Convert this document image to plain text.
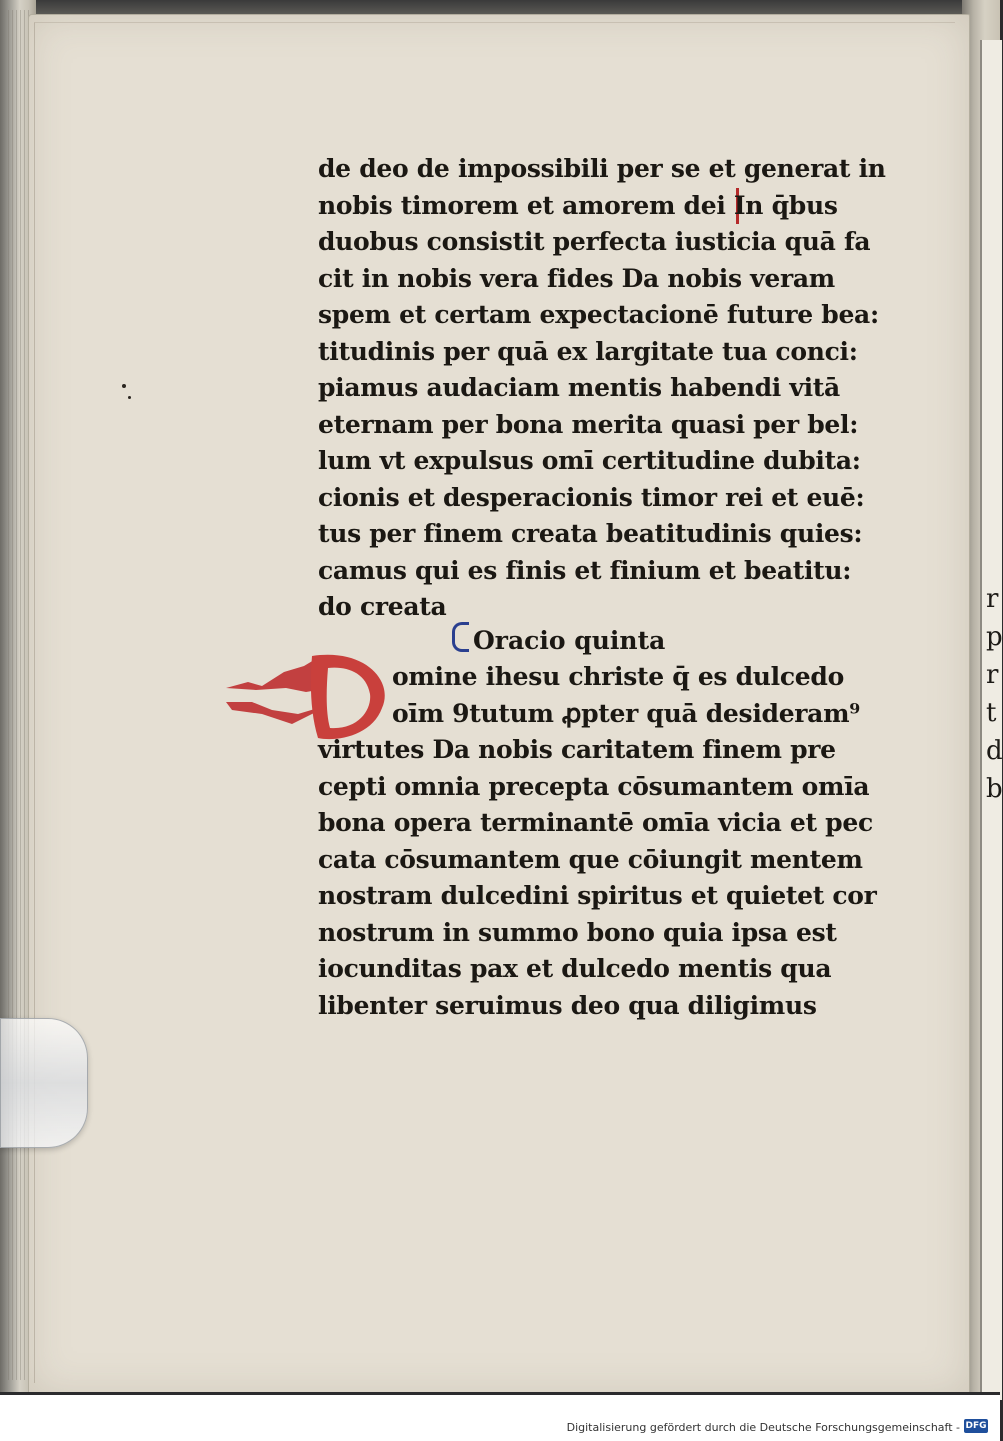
r p r t d b
Oracio quinta
D
Digitalisierung gefördert durch die Deutsche Forschungsgemeinschaft - DFG
de deo de impossibili per se et generat in
nobis timorem et amorem dei In q̄bus
duobus consistit perfecta iusticia quā fa
cit in nobis vera fides Da nobis veram
spem et certam expectacionē future bea:
titudinis per quā ex largitate tua conci:
piamus audaciam mentis habendi vitā
eternam per bona merita quasi per bel:
lum vt expulsus omī certitudine dubita:
cionis et desperacionis timor rei et euē:
tus per finem creata beatitudinis quies:
camus qui es finis et finium et beatitu:
do creata
omine ihesu christe q̄ es dulcedo
oīm 9tutum ꝓpter quā desideram⁹
virtutes Da nobis caritatem finem pre
cepti omnia precepta cōsumantem omīa
bona opera terminantē omīa vicia et pec
cata cōsumantem que cōiungit mentem
nostram dulcedini spiritus et quietet cor
nostrum in summo bono quia ipsa est
iocunditas pax et dulcedo mentis qua
libenter seruimus deo qua diligimus
